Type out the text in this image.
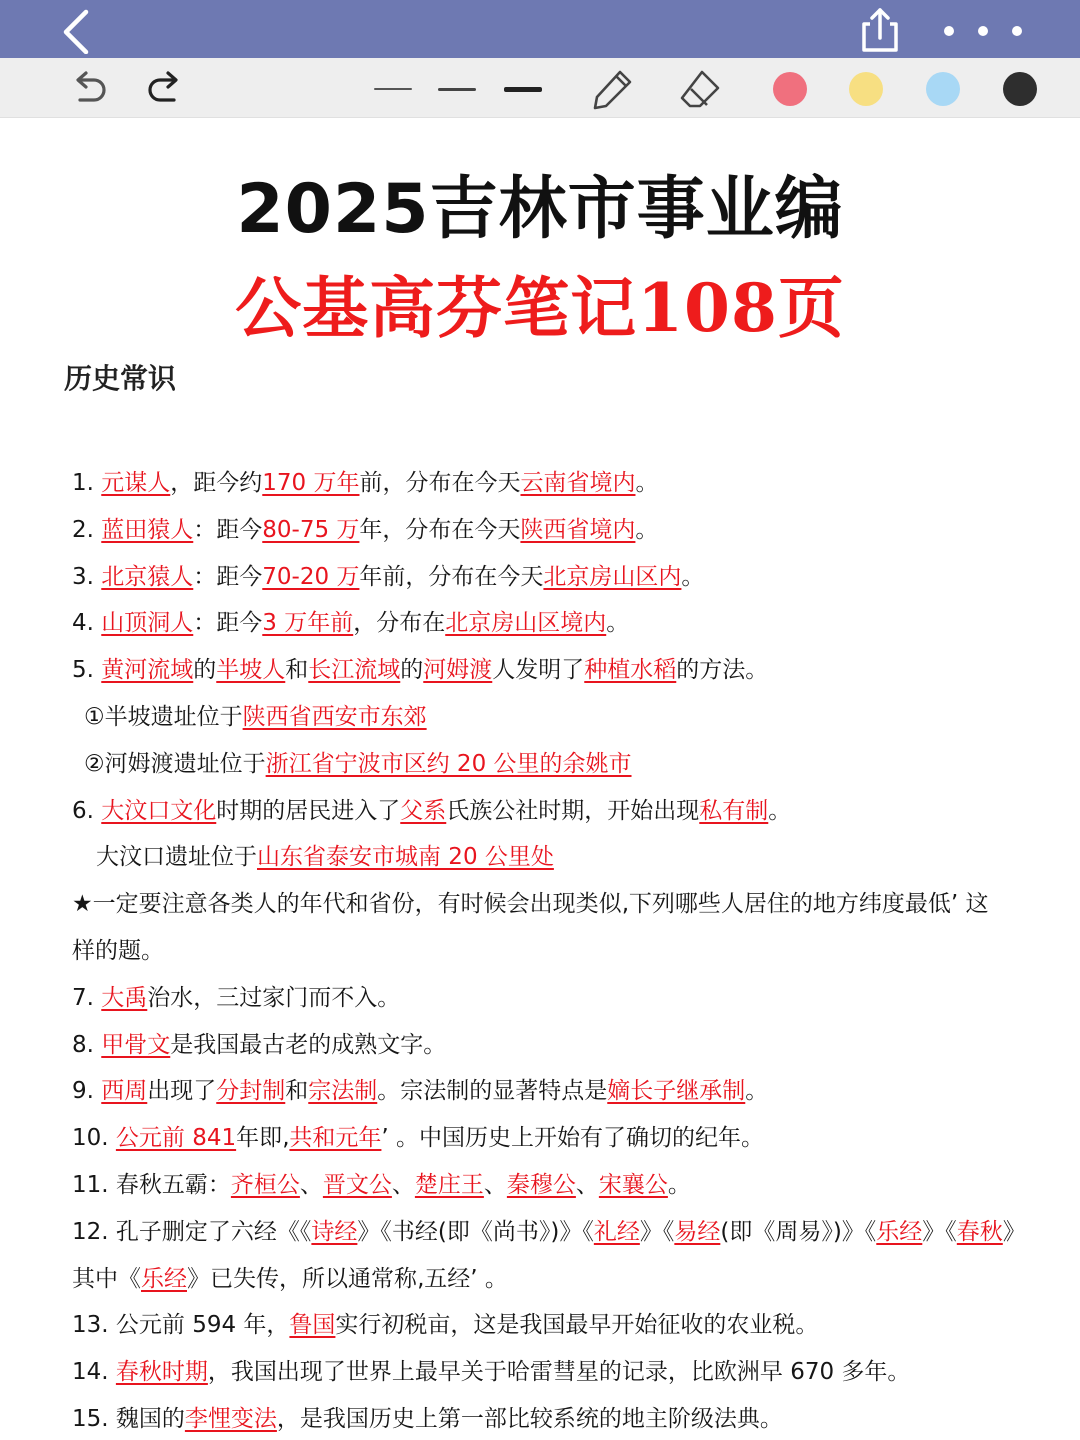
2025吉林市事业编
公基高芬笔记108页
历史常识
1. 元谋人，距今约170 万年前，分布在今天云南省境内。
2. 蓝田猿人：距今80-75 万年，分布在今天陕西省境内。
3. 北京猿人：距今70-20 万年前，分布在今天北京房山区内。
4. 山顶洞人：距今3 万年前，分布在北京房山区境内。
5. 黄河流域的半坡人和长江流域的河姆渡人发明了种植水稻的方法。
①半坡遗址位于陕西省西安市东郊
②河姆渡遗址位于浙江省宁波市区约 20 公里的余姚市
6. 大汶口文化时期的居民进入了父系氏族公社时期，开始出现私有制。
大汶口遗址位于山东省泰安市城南 20 公里处
★一定要注意各类人的年代和省份，有时候会出现类似‚下列哪些人居住的地方纬度最低’ 这
样的题。
7. 大禹治水，三过家门而不入。
8. 甲骨文是我国最古老的成熟文字。
9. 西周出现了分封制和宗法制。宗法制的显著特点是嫡长子继承制。
10. 公元前 841年即‚共和元年’ 。中国历史上开始有了确切的纪年。
11. 春秋五霸：齐桓公、晋文公、楚庄王、秦穆公、宋襄公。
12. 孔子删定了六经《《诗经》《书经(即《尚书》)》《礼经》《易经(即《周易》)》《乐经》《春秋》
其中《乐经》已失传，所以通常称‚五经’ 。
13. 公元前 594 年，鲁国实行初税亩，这是我国最早开始征收的农业税。
14. 春秋时期，我国出现了世界上最早关于哈雷彗星的记录，比欧洲早 670 多年。
15. 魏国的李悝变法，是我国历史上第一部比较系统的地主阶级法典。
